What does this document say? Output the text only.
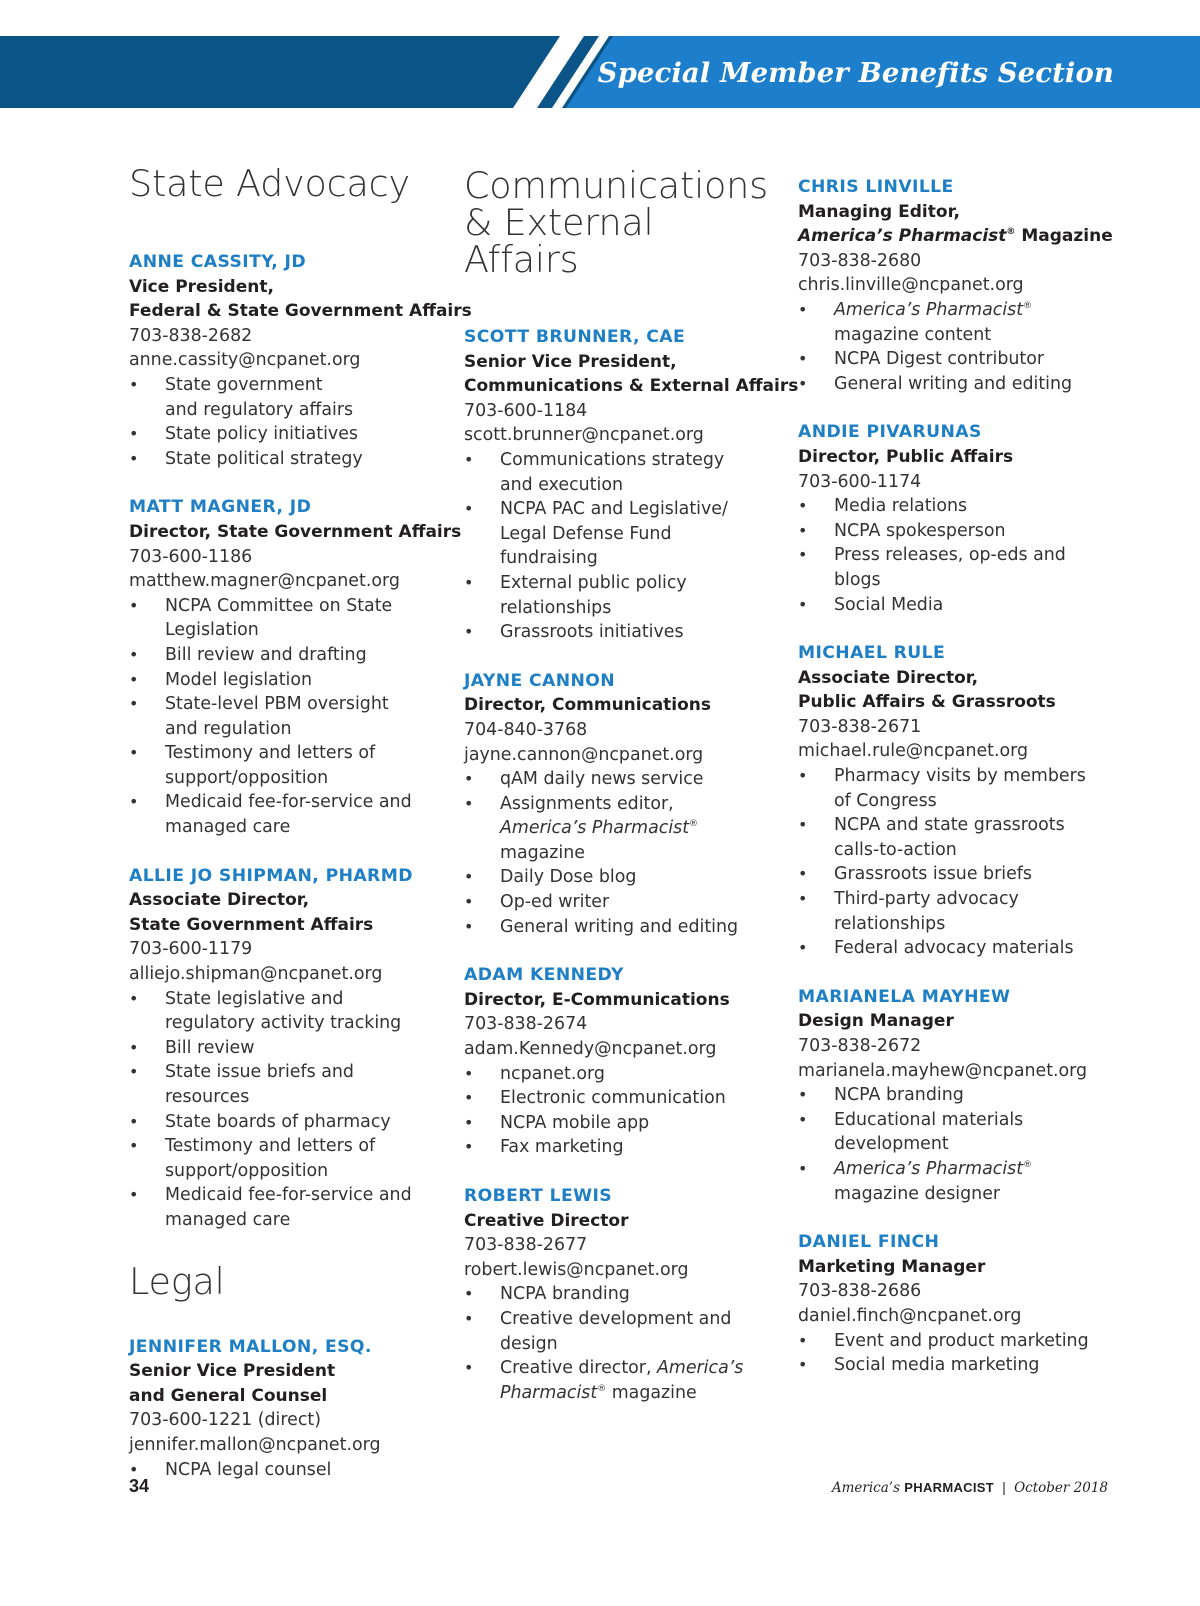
Special Member Benefits Section
State Advocacy
ANNE CASSITY, JD
Vice President,
Federal & State Government Affairs
703-838-2682
anne.cassity@ncpanet.org
• State government
and regulatory affairs
• State policy initiatives
• State political strategy
MATT MAGNER, JD
Director, State Government Affairs
703-600-1186
matthew.magner@ncpanet.org
• NCPA Committee on State
Legislation
• Bill review and drafting
• Model legislation
• State-level PBM oversight
and regulation
• Testimony and letters of
support/opposition
• Medicaid fee-for-service and
managed care
ALLIE JO SHIPMAN, PHARMD
Associate Director,
State Government Affairs
703-600-1179
alliejo.shipman@ncpanet.org
• State legislative and
regulatory activity tracking
• Bill review
• State issue briefs and
resources
• State boards of pharmacy
• Testimony and letters of
support/opposition
• Medicaid fee-for-service and
managed care
Legal
JENNIFER MALLON, ESQ.
Senior Vice President
and General Counsel
703-600-1221 (direct)
jennifer.mallon@ncpanet.org
• NCPA legal counsel
Communications
& External
Affairs
SCOTT BRUNNER, CAE
Senior Vice President,
Communications & External Affairs
703-600-1184
scott.brunner@ncpanet.org
• Communications strategy
and execution
• NCPA PAC and Legislative/
Legal Defense Fund
fundraising
• External public policy
relationships
• Grassroots initiatives
JAYNE CANNON
Director, Communications
704-840-3768
jayne.cannon@ncpanet.org
• qAM daily news service
• Assignments editor,
America’s Pharmacist®
magazine
• Daily Dose blog
• Op-ed writer
• General writing and editing
ADAM KENNEDY
Director, E-Communications
703-838-2674
adam.Kennedy@ncpanet.org
• ncpanet.org
• Electronic communication
• NCPA mobile app
• Fax marketing
ROBERT LEWIS
Creative Director
703-838-2677
robert.lewis@ncpanet.org
• NCPA branding
• Creative development and
design
• Creative director, America’s
Pharmacist® magazine
CHRIS LINVILLE
Managing Editor,
America’s Pharmacist® Magazine
703-838-2680
chris.linville@ncpanet.org
• America’s Pharmacist®
magazine content
• NCPA Digest contributor
• General writing and editing
ANDIE PIVARUNAS
Director, Public Affairs
703-600-1174
• Media relations
• NCPA spokesperson
• Press releases, op-eds and
blogs
• Social Media
MICHAEL RULE
Associate Director,
Public Affairs & Grassroots
703-838-2671
michael.rule@ncpanet.org
• Pharmacy visits by members
of Congress
• NCPA and state grassroots
calls-to-action
• Grassroots issue briefs
• Third-party advocacy
relationships
• Federal advocacy materials
MARIANELA MAYHEW
Design Manager
703-838-2672
marianela.mayhew@ncpanet.org
• NCPA branding
• Educational materials
development
• America’s Pharmacist®
magazine designer
DANIEL FINCH
Marketing Manager
703-838-2686
daniel.finch@ncpanet.org
• Event and product marketing
• Social media marketing
34	America’s PHARMACIST | October 2018
